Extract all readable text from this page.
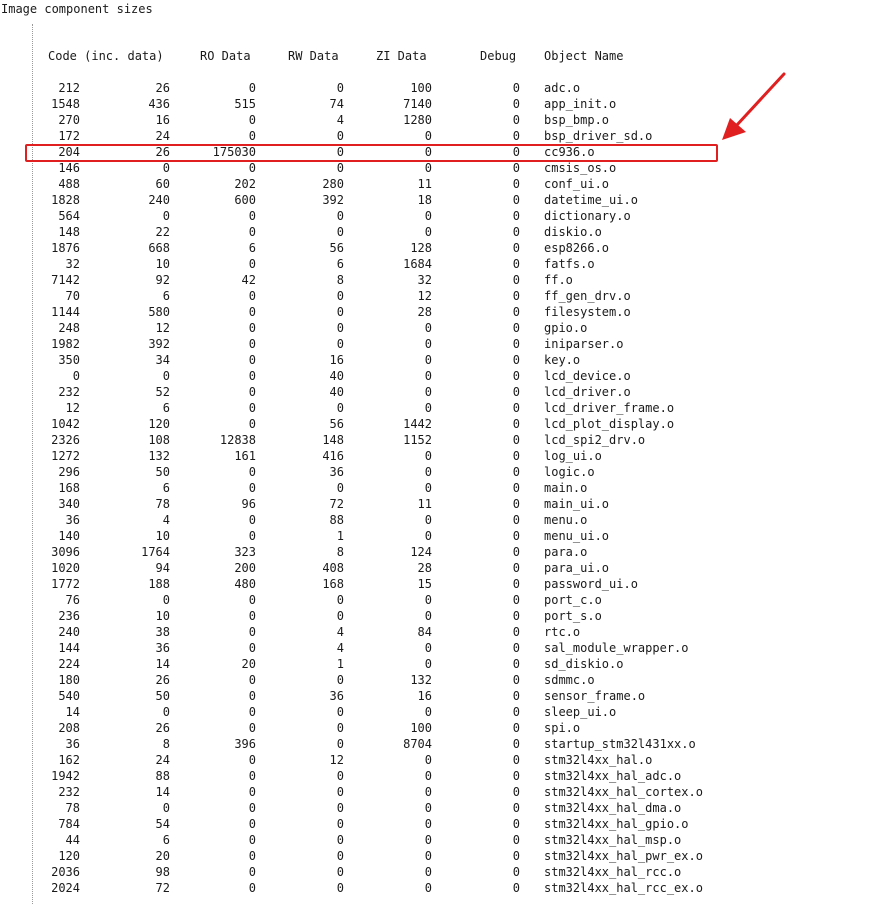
Image component sizes
Code (inc. data)	RO Data	RW Data	ZI Data	Debug Object Name
212	26	0	0	100	0 adc.o
1548	436	515	74	7140	0 app_init.o
270	16	0	4	1280	0 bsp_bmp.o
172	24	0	0	0	0 bsp_driver_sd.o
204	26	175030	0	0	0 cc936.o
146	0	0	0	0	0 cmsis_os.o
488	60	202	280	11	0 conf_ui.o
1828	240	600	392	18	0 datetime_ui.o
564	0	0	0	0	0 dictionary.o
148	22	0	0	0	0 diskio.o
1876	668	6	56	128	0 esp8266.o
32	10	0	6	1684	0 fatfs.o
7142	92	42	8	32	0 ff.o
70	6	0	0	12	0 ff_gen_drv.o
1144	580	0	0	28	0 filesystem.o
248	12	0	0	0	0 gpio.o
1982	392	0	0	0	0 iniparser.o
350	34	0	16	0	0 key.o
0	0	0	40	0	0 lcd_device.o
232	52	0	40	0	0 lcd_driver.o
12	6	0	0	0	0 lcd_driver_frame.o
1042	120	0	56	1442	0 lcd_plot_display.o
2326	108	12838	148	1152	0 lcd_spi2_drv.o
1272	132	161	416	0	0 log_ui.o
296	50	0	36	0	0 logic.o
168	6	0	0	0	0 main.o
340	78	96	72	11	0 main_ui.o
36	4	0	88	0	0 menu.o
140	10	0	1	0	0 menu_ui.o
3096	1764	323	8	124	0 para.o
1020	94	200	408	28	0 para_ui.o
1772	188	480	168	15	0 password_ui.o
76	0	0	0	0	0 port_c.o
236	10	0	0	0	0 port_s.o
240	38	0	4	84	0 rtc.o
144	36	0	4	0	0 sal_module_wrapper.o
224	14	20	1	0	0 sd_diskio.o
180	26	0	0	132	0 sdmmc.o
540	50	0	36	16	0 sensor_frame.o
14	0	0	0	0	0 sleep_ui.o
208	26	0	0	100	0 spi.o
36	8	396	0	8704	0 startup_stm32l431xx.o
162	24	0	12	0	0 stm32l4xx_hal.o
1942	88	0	0	0	0 stm32l4xx_hal_adc.o
232	14	0	0	0	0 stm32l4xx_hal_cortex.o
78	0	0	0	0	0 stm32l4xx_hal_dma.o
784	54	0	0	0	0 stm32l4xx_hal_gpio.o
44	6	0	0	0	0 stm32l4xx_hal_msp.o
120	20	0	0	0	0 stm32l4xx_hal_pwr_ex.o
2036	98	0	0	0	0 stm32l4xx_hal_rcc.o
2024	72	0	0	0	0 stm32l4xx_hal_rcc_ex.o
